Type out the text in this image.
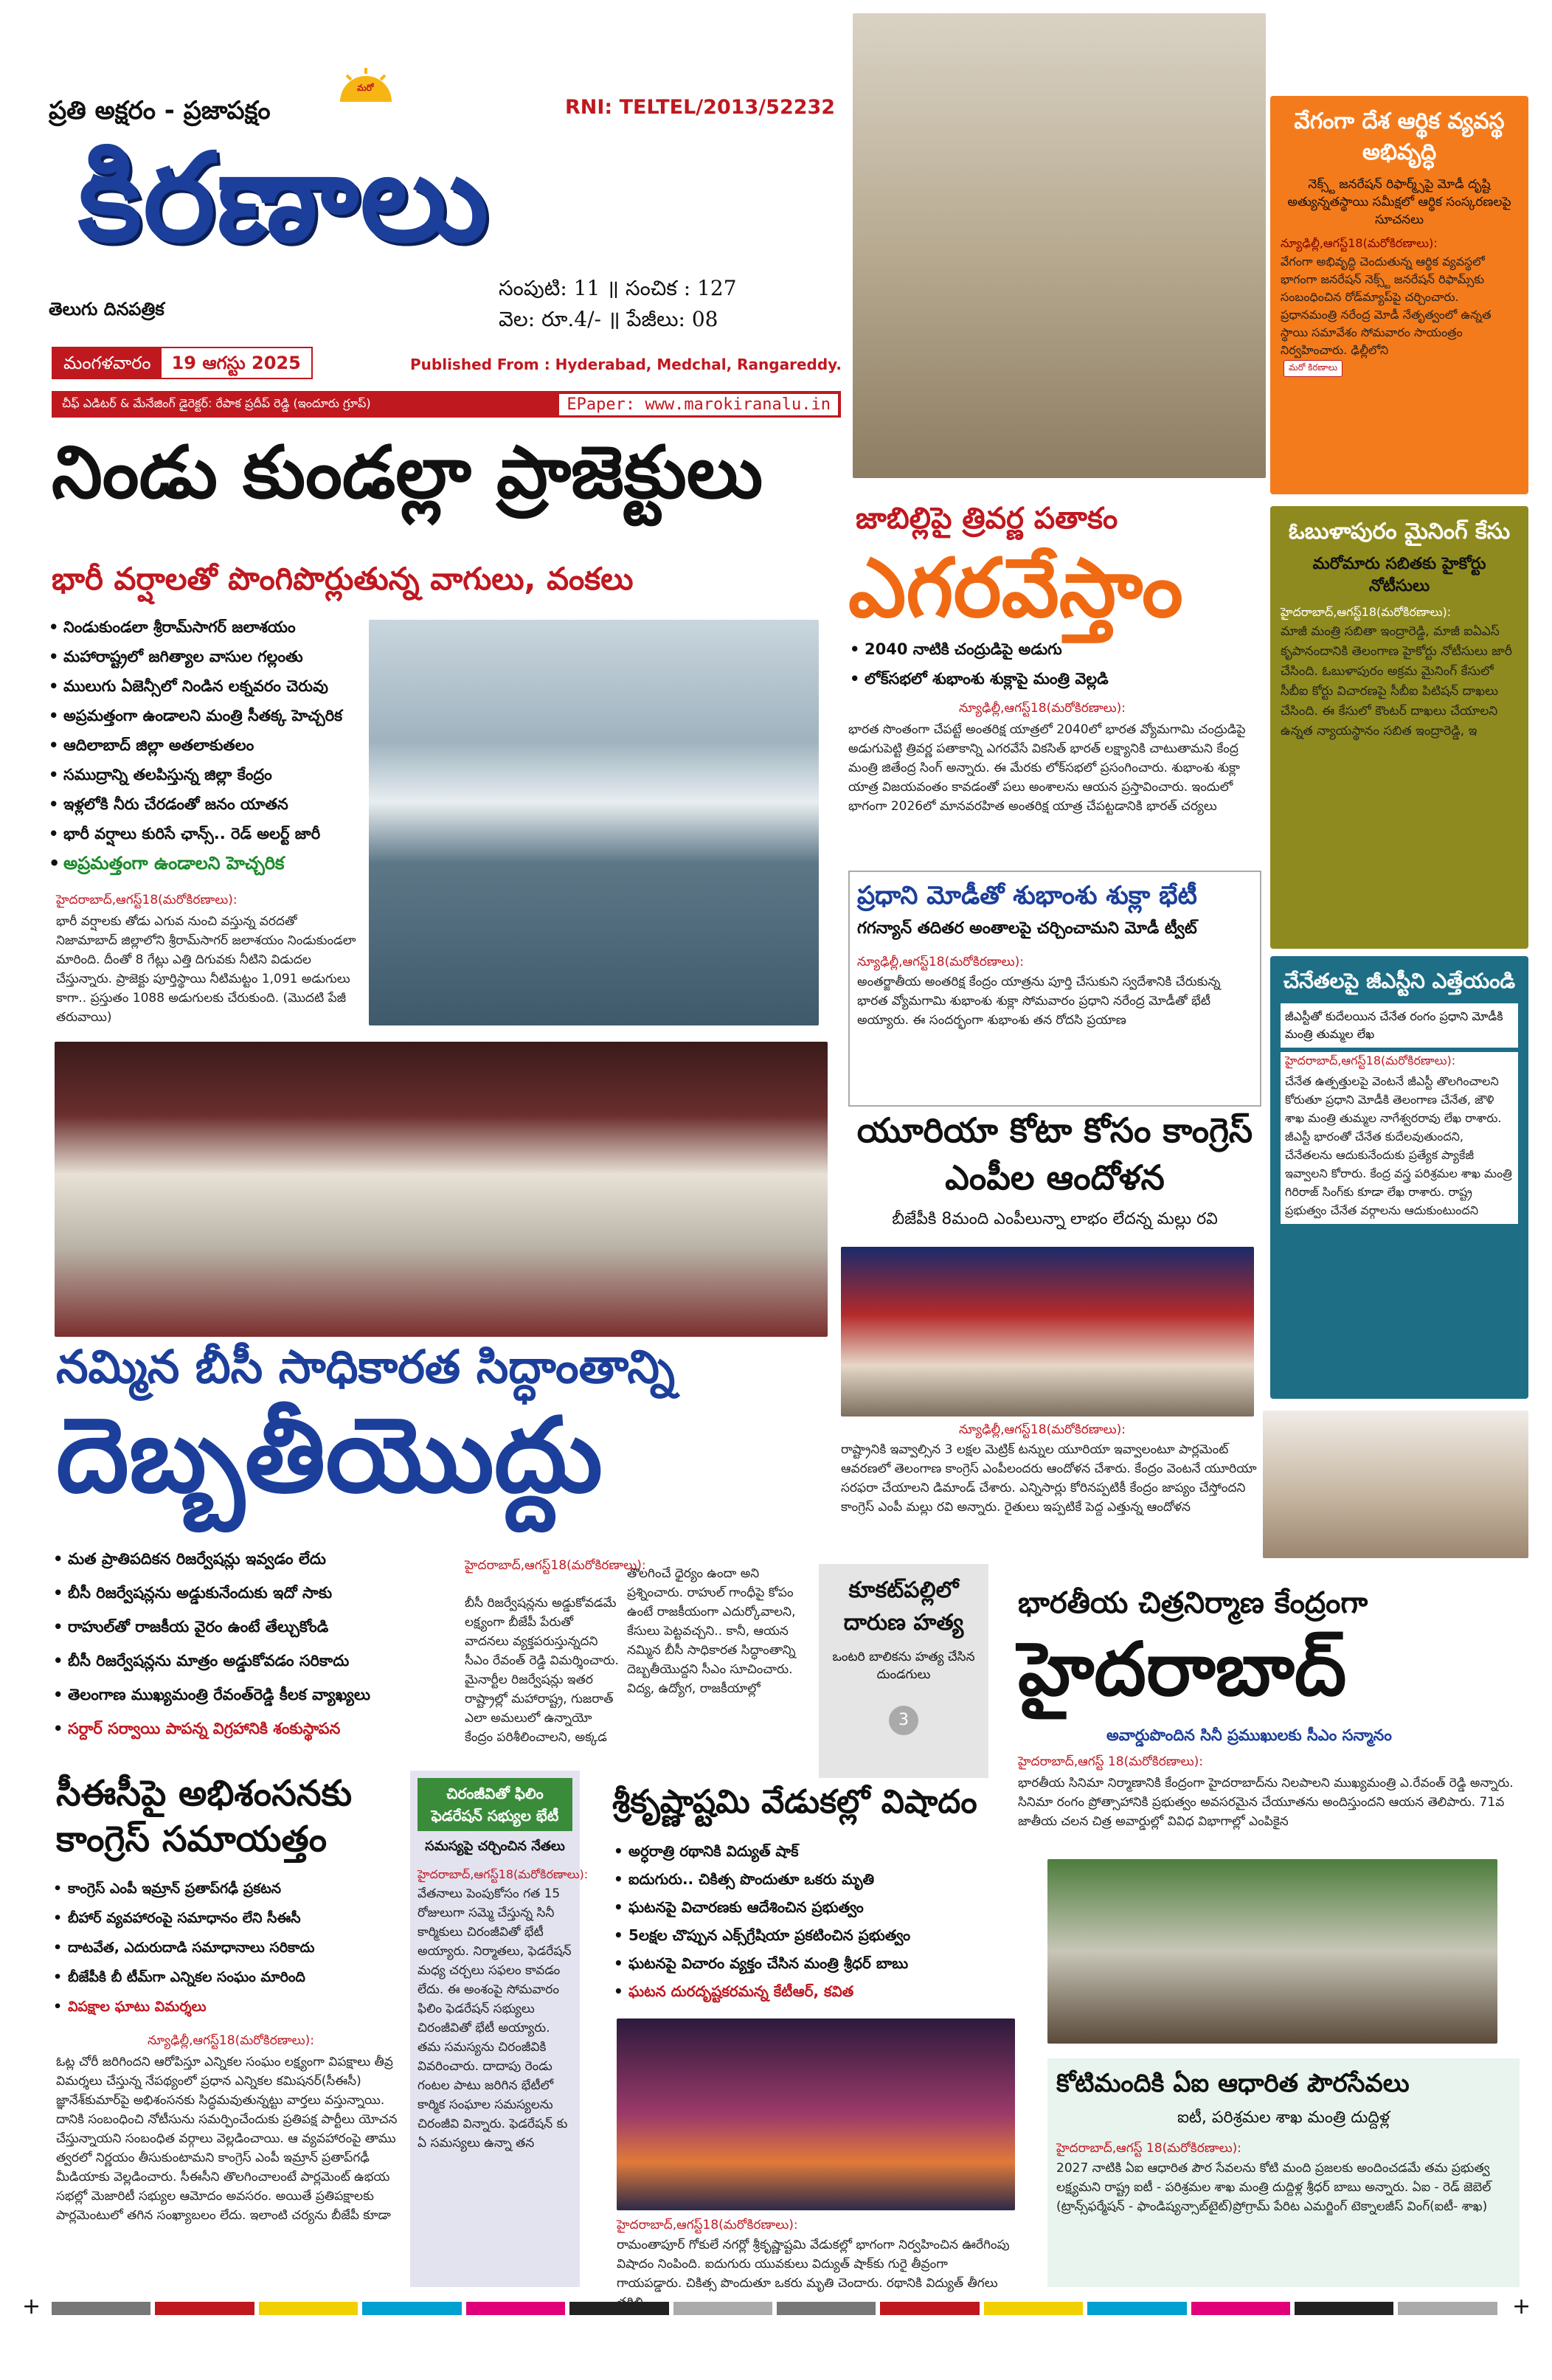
ప్రతి అక్షరం - ప్రజాపక్షం
మరో
RNI: TELTEL/2013/52232
కిరణాలు
తెలుగు దినపత్రిక
సంపుటి: 11 ॥ సంచిక : 127
వెల: రూ.4/- ॥ పేజీలు: 08
మంగళవారం	19 ఆగస్టు 2025	Published From : Hyderabad, Medchal, Rangareddy.
చీఫ్ ఎడిటర్ & మేనేజింగ్ డైరెక్టర్: రేపాక ప్రదీప్ రెడ్డి (ఇందూరు గ్రూప్)	EPaper: www.marokiranalu.in
వేగంగా దేశ ఆర్థిక వ్యవస్థ అభివృద్ధి
నెక్స్ట్ జనరేషన్ రిఫార్మ్స్‌పై మోడీ దృష్టి అత్యున్నతస్థాయి సమీక్షలో ఆర్థిక సంస్కరణలపై సూచనలు
న్యూఢిల్లీ,ఆగస్ట్18(మరోకిరణాలు):
వేగంగా అభివృద్ధి చెందుతున్న ఆర్థిక వ్యవస్థలో భాగంగా జనరేషన్ నెక్స్ట్ జనరేషన్ రిఫామ్స్‌కు సంబంధించిన రోడ్‌మ్యాప్‌పై చర్చించారు. ప్రధానమంత్రి నరేంద్ర మోడీ నేతృత్వంలో ఉన్నత స్థాయి సమావేశం సోమవారం సాయంత్రం నిర్వహించారు. ఢిల్లీలోని
మరో కిరణాలు
ఓబుళాపురం మైనింగ్ కేసు
మరోమారు సబితకు హైకోర్టు నోటీసులు
హైదరాబాద్,ఆగస్ట్18(మరోకిరణాలు):
మాజీ మంత్రి సబితా ఇంద్రారెడ్డి, మాజీ ఐఏఎస్ కృపానందానికి తెలంగాణ హైకోర్టు నోటీసులు జారీ చేసింది. ఓబుళాపురం అక్రమ మైనింగ్ కేసులో సీబీఐ కోర్టు విచారణపై సీబీఐ పిటిషన్ దాఖలు చేసింది. ఈ కేసులో కౌంటర్ దాఖలు చేయాలని ఉన్నత న్యాయస్థానం సబిత ఇంద్రారెడ్డి, ఇ
చేనేతలపై జీఎస్టీని ఎత్తేయండి
జీఎస్టీతో కుదేలయిన చేనేత రంగం ప్రధాని మోడీకి మంత్రి తుమ్మల లేఖ
హైదరాబాద్,ఆగస్ట్18(మరోకిరణాలు):
చేనేత ఉత్పత్తులపై వెంటనే జీఎస్టీ తొలగించాలని కోరుతూ ప్రధాని మోడీకి తెలంగాణ చేనేత, జౌళి శాఖ మంత్రి తుమ్మల నాగేశ్వరరావు లేఖ రాశారు. జీఎస్టీ భారంతో చేనేత కుదేలవుతుందని, చేనేతలను ఆదుకునేందుకు ప్రత్యేక ప్యాకేజీ ఇవ్వాలని కోరారు. కేంద్ర వస్త్ర పరిశ్రమల శాఖ మంత్రి గిరిరాజ్ సింగ్‌కు కూడా లేఖ రాశారు. రాష్ట్ర ప్రభుత్వం చేనేత వర్గాలను ఆదుకుంటుందని
నిండు కుండల్లా ప్రాజెక్టులు
భారీ వర్షాలతో పొంగిపొర్లుతున్న వాగులు, వంకలు
• నిండుకుండలా శ్రీరామ్‌సాగర్ జలాశయం
• మహారాష్ట్రలో జగిత్యాల వాసుల గల్లంతు
• ములుగు ఏజెన్సీలో నిండిన లక్నవరం చెరువు
• అప్రమత్తంగా ఉండాలని మంత్రి సీతక్క హెచ్చరిక
• ఆదిలాబాద్ జిల్లా అతలాకుతలం
• సముద్రాన్ని తలపిస్తున్న జిల్లా కేంద్రం
• ఇళ్లలోకి నీరు చేరడంతో జనం యాతన
• భారీ వర్షాలు కురిసే ఛాన్స్.. రెడ్ అలర్ట్ జారీ
• అప్రమత్తంగా ఉండాలని హెచ్చరిక
హైదరాబాద్,ఆగస్ట్18(మరోకిరణాలు):
భారీ వర్షాలకు తోడు ఎగువ నుంచి వస్తున్న వరదతో నిజామాబాద్ జిల్లాలోని శ్రీరామ్‌సాగర్ జలాశయం నిండుకుండలా మారింది. దీంతో 8 గేట్లు ఎత్తి దిగువకు నీటిని విడుదల చేస్తున్నారు. ప్రాజెక్టు పూర్తిస్థాయి నీటిమట్టం 1,091 అడుగులు కాగా.. ప్రస్తుతం 1088 అడుగులకు చేరుకుంది. (మొదటి పేజీ తరువాయి)
జాబిల్లిపై త్రివర్ణ పతాకం
ఎగరవేస్తాం
• 2040 నాటికి చంద్రుడిపై అడుగు
• లోక్‌సభలో శుభాంశు శుక్లాపై మంత్రి వెల్లడి
న్యూఢిల్లీ,ఆగస్ట్18(మరోకిరణాలు):
భారత సొంతంగా చేపట్టే అంతరిక్ష యాత్రలో 2040లో భారత వ్యోమగామి చంద్రుడిపై అడుగుపెట్టి త్రివర్ణ పతాకాన్ని ఎగరవేసే వికసిత్ భారత్ లక్ష్యానికి చాటుతామని కేంద్ర మంత్రి జితేంద్ర సింగ్ అన్నారు. ఈ మేరకు లోక్‌సభలో ప్రసంగించారు. శుభాంశు శుక్లా యాత్ర విజయవంతం కావడంతో పలు అంశాలను ఆయన ప్రస్తావించారు. ఇందులో భాగంగా 2026లో మానవరహిత అంతరిక్ష యాత్ర చేపట్టడానికి భారత్ చర్యలు
ప్రధాని మోడీతో శుభాంశు శుక్లా భేటీ
గగన్యాన్ తదితర అంతాలపై చర్చించామని మోడీ ట్వీట్
న్యూఢిల్లీ,ఆగస్ట్18(మరోకిరణాలు):
అంతర్జాతీయ అంతరిక్ష కేంద్రం యాత్రను పూర్తి చేసుకుని స్వదేశానికి చేరుకున్న భారత వ్యోమగామి శుభాంశు శుక్లా సోమవారం ప్రధాని నరేంద్ర మోడీతో భేటీ అయ్యారు. ఈ సందర్భంగా శుభాంశు తన రోదసి ప్రయాణ
యూరియా కోటా కోసం కాంగ్రెస్ ఎంపీల ఆందోళన
బీజేపీకి 8మంది ఎంపీలున్నా లాభం లేదన్న మల్లు రవి
న్యూఢిల్లీ,ఆగస్ట్18(మరోకిరణాలు):
రాష్ట్రానికి ఇవ్వాల్సిన 3 లక్షల మెట్రిక్ టన్నుల యూరియా ఇవ్వాలంటూ పార్లమెంట్ ఆవరణలో తెలంగాణ కాంగ్రెస్ ఎంపీలందరు ఆందోళన చేశారు. కేంద్రం వెంటనే యూరియా సరఫరా చేయాలని డిమాండ్ చేశారు. ఎన్నిసార్లు కోరినప్పటికీ కేంద్రం జాప్యం చేస్తోందని కాంగ్రెస్ ఎంపీ మల్లు రవి అన్నారు. రైతులు ఇప్పటికే పెద్ద ఎత్తున్న ఆందోళన
నమ్మిన బీసీ సాధికారత సిద్ధాంతాన్ని
దెబ్బతీయొద్దు
• మత ప్రాతిపదికన రిజర్వేషన్లు ఇవ్వడం లేదు
• బీసీ రిజర్వేషన్లను అడ్డుకునేందుకు ఇదో సాకు
• రాహుల్‌తో రాజకీయ వైరం ఉంటే తేల్చుకోండి
• బీసీ రిజర్వేషన్లను మాత్రం అడ్డుకోవడం సరికాదు
• తెలంగాణ ముఖ్యమంత్రి రేవంత్‌రెడ్డి కీలక వ్యాఖ్యలు
• సర్దార్ సర్వాయి పాపన్న విగ్రహానికి శంకుస్థాపన
హైదరాబాద్,ఆగస్ట్18(మరోకిరణాలు):
బీసీ రిజర్వేషన్లను అడ్డుకోవడమే లక్ష్యంగా బీజేపీ పేరుతో వాదనలు వ్యక్తపరుస్తున్నదని సీఎం రేవంత్ రెడ్డి విమర్శించారు. మైనార్టీల రిజర్వేషన్లు ఇతర రాష్ట్రాల్లో మహారాష్ట్ర, గుజరాత్ ఎలా అమలులో ఉన్నాయో కేంద్రం పరిశీలించాలని, అక్కడ
తొలగించే ధైర్యం ఉందా అని ప్రశ్నించారు. రాహుల్ గాంధీపై కోపం ఉంటే రాజకీయంగా ఎదుర్కోవాలని, కేసులు పెట్టవచ్చని.. కానీ, ఆయన నమ్మిన బీసీ సాధికారత సిద్ధాంతాన్ని దెబ్బతీయొద్దని సీఎం సూచించారు. విద్య, ఉద్యోగ, రాజకీయాల్లో
కూకట్‌పల్లిలో దారుణ హత్య
ఒంటరి బాలికను హత్య చేసిన దుండగులు
3
భారతీయ చిత్రనిర్మాణ కేంద్రంగా
హైదరాబాద్
అవార్డుపొందిన సినీ ప్రముఖులకు సీఎం సన్మానం
హైదరాబాద్,ఆగస్ట్ 18(మరోకిరణాలు):
భారతీయ సినిమా నిర్మాణానికి కేంద్రంగా హైదరాబాద్‌ను నిలపాలని ముఖ్యమంత్రి ఎ.రేవంత్ రెడ్డి అన్నారు. సినిమా రంగం ప్రోత్సాహానికి ప్రభుత్వం అవసరమైన చేయూతను అందిస్తుందని ఆయన తెలిపారు. 71వ జాతీయ చలన చిత్ర అవార్డుల్లో వివిధ విభాగాల్లో ఎంపికైన
సీఈసీపై అభిశంసనకు కాంగ్రెస్ సమాయత్తం
• కాంగ్రెస్ ఎంపీ ఇమ్రాన్ ప్రతాప్‌గఢీ ప్రకటన
• బీహార్ వ్యవహారంపై సమాధానం లేని సీఈసీ
• దాటవేత, ఎదురుదాడి సమాధానాలు సరికాదు
• బీజేపీకి బీ టీమ్‌గా ఎన్నికల సంఘం మారింది
• విపక్షాల ఘాటు విమర్శలు
న్యూఢిల్లీ,ఆగస్ట్18(మరోకిరణాలు):
ఓట్ల చోరీ జరిగిందని ఆరోపిస్తూ ఎన్నికల సంఘం లక్ష్యంగా విపక్షాలు తీవ్ర విమర్శలు చేస్తున్న నేపథ్యంలో ప్రధాన ఎన్నికల కమిషనర్(సీఈసీ) జ్ఞానేశ్‌కుమార్‌పై అభిశంసనకు సిద్ధమవుతున్నట్టు వార్తలు వస్తున్నాయి. దానికి సంబంధించి నోటీసును సమర్పించేందుకు ప్రతిపక్ష పార్టీలు యోచన చేస్తున్నాయని సంబంధిత వర్గాలు వెల్లడించాయి. ఆ వ్యవహారంపై తాము త్వరలో నిర్ణయం తీసుకుంటామని కాంగ్రెస్ ఎంపీ ఇమ్రాన్ ప్రతాప్‌గఢీ మీడియాకు వెల్లడించారు. సీఈసీని తొలగించాలంటే పార్లమెంట్ ఉభయ సభల్లో మెజారిటీ సభ్యుల ఆమోదం అవసరం. అయితే ప్రతిపక్షాలకు పార్లమెంటులో తగిన సంఖ్యాబలం లేదు. ఇలాంటి చర్యను బీజేపీ కూడా
చిరంజీవితో ఫిలిం ఫెడరేషన్ సభ్యుల భేటీ
సమస్యపై చర్చించిన నేతలు
హైదరాబాద్,ఆగస్ట్18(మరోకిరణాలు):
వేతనాలు పెంపుకోసం గత 15 రోజులుగా సమ్మె చేస్తున్న సినీ కార్మికులు చిరంజీవితో భేటీ అయ్యారు. నిర్మాతలు, ఫెడరేషన్ మధ్య చర్చలు సఫలం కావడం లేదు. ఈ అంశంపై సోమవారం ఫిలిం ఫెడరేషన్ సభ్యులు చిరంజీవితో భేటీ అయ్యారు. తమ సమస్యను చిరంజీవికి వివరించారు. దాదాపు రెండు గంటల పాటు జరిగిన భేటీలో కార్మిక సంఘాల సమస్యలను చిరంజీవి విన్నారు. ఫెడరేషన్ కు ఏ సమస్యలు ఉన్నా తన
శ్రీకృష్ణాష్టమి వేడుకల్లో విషాదం
• అర్ధరాత్రి రథానికి విద్యుత్ షాక్
• ఐదుగురు.. చికిత్స పొందుతూ ఒకరు మృతి
• ఘటనపై విచారణకు ఆదేశించిన ప్రభుత్వం
• 5లక్షల చొప్పున ఎక్స్‌గ్రేషియా ప్రకటించిన ప్రభుత్వం
• ఘటనపై విచారం వ్యక్తం చేసిన మంత్రి శ్రీధర్ బాబు
• ఘటన దురదృష్టకరమన్న కేటీఆర్, కవిత
హైదరాబాద్,ఆగస్ట్18(మరోకిరణాలు):
రామంతాపూర్ గోకులే నగర్లో శ్రీకృష్ణాష్టమి వేడుకల్లో భాగంగా నిర్వహించిన ఊరేగింపు విషాదం నింపింది. ఐదుగురు యువకులు విద్యుత్ షాక్‌కు గురై తీవ్రంగా గాయపడ్డారు. చికిత్స పొందుతూ ఒకరు మృతి చెందారు. రథానికి విద్యుత్ తీగలు
కోటిమందికి ఏఐ ఆధారిత పౌరసేవలు
ఐటీ, పరిశ్రమల శాఖ మంత్రి దుద్దిళ్ల
హైదరాబాద్,ఆగస్ట్ 18(మరోకిరణాలు):
2027 నాటికి ఏఐ ఆధారిత పౌర సేవలను కోటి మంది ప్రజలకు అందించడమే తమ ప్రభుత్వ లక్ష్యమని రాష్ట్ర ఐటీ - పరిశ్రమల శాఖ మంత్రి దుద్దిళ్ల శ్రీధర్ బాబు అన్నారు. ఏఐ - రెడ్ జెబెల్ (ట్రాన్స్‌ఫర్మేషన్ - ఫాండిష్యన్సాబ్‌టైట్)ప్రోగ్రామ్ పేరిట ఎమర్జింగ్ టెక్నాలజీస్ వింగ్(ఐటీ- శాఖ)
+	+
